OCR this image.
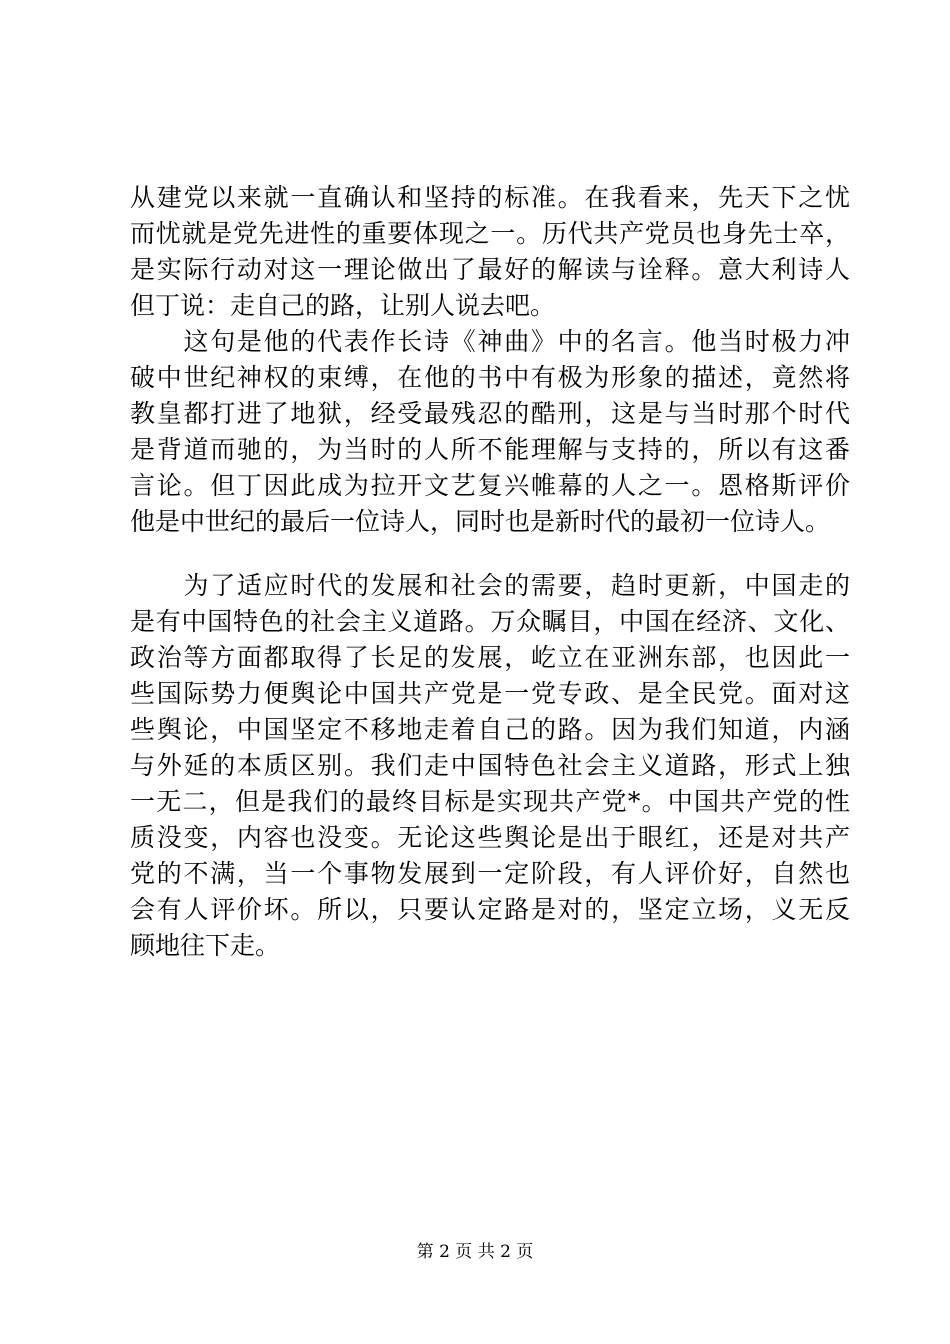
从建党以来就一直确认和坚持的标准。在我看来，先天下之忧
而忧就是党先进性的重要体现之一。历代共产党员也身先士卒，
是实际行动对这一理论做出了最好的解读与诠释。意大利诗人
但丁说：走自己的路，让别人说去吧。
　　这句是他的代表作长诗《神曲》中的名言。他当时极力冲
破中世纪神权的束缚，在他的书中有极为形象的描述，竟然将
教皇都打进了地狱，经受最残忍的酷刑，这是与当时那个时代
是背道而驰的，为当时的人所不能理解与支持的，所以有这番
言论。但丁因此成为拉开文艺复兴帷幕的人之一。恩格斯评价
他是中世纪的最后一位诗人，同时也是新时代的最初一位诗人。
　　为了适应时代的发展和社会的需要，趋时更新，中国走的
是有中国特色的社会主义道路。万众瞩目，中国在经济、文化、
政治等方面都取得了长足的发展，屹立在亚洲东部，也因此一
些国际势力便舆论中国共产党是一党专政、是全民党。面对这
些舆论，中国坚定不移地走着自己的路。因为我们知道，内涵
与外延的本质区别。我们走中国特色社会主义道路，形式上独
一无二，但是我们的最终目标是实现共产党*。中国共产党的性
质没变，内容也没变。无论这些舆论是出于眼红，还是对共产
党的不满，当一个事物发展到一定阶段，有人评价好，自然也
会有人评价坏。所以，只要认定路是对的，坚定立场，义无反
顾地往下走。
第 2 页 共 2 页
